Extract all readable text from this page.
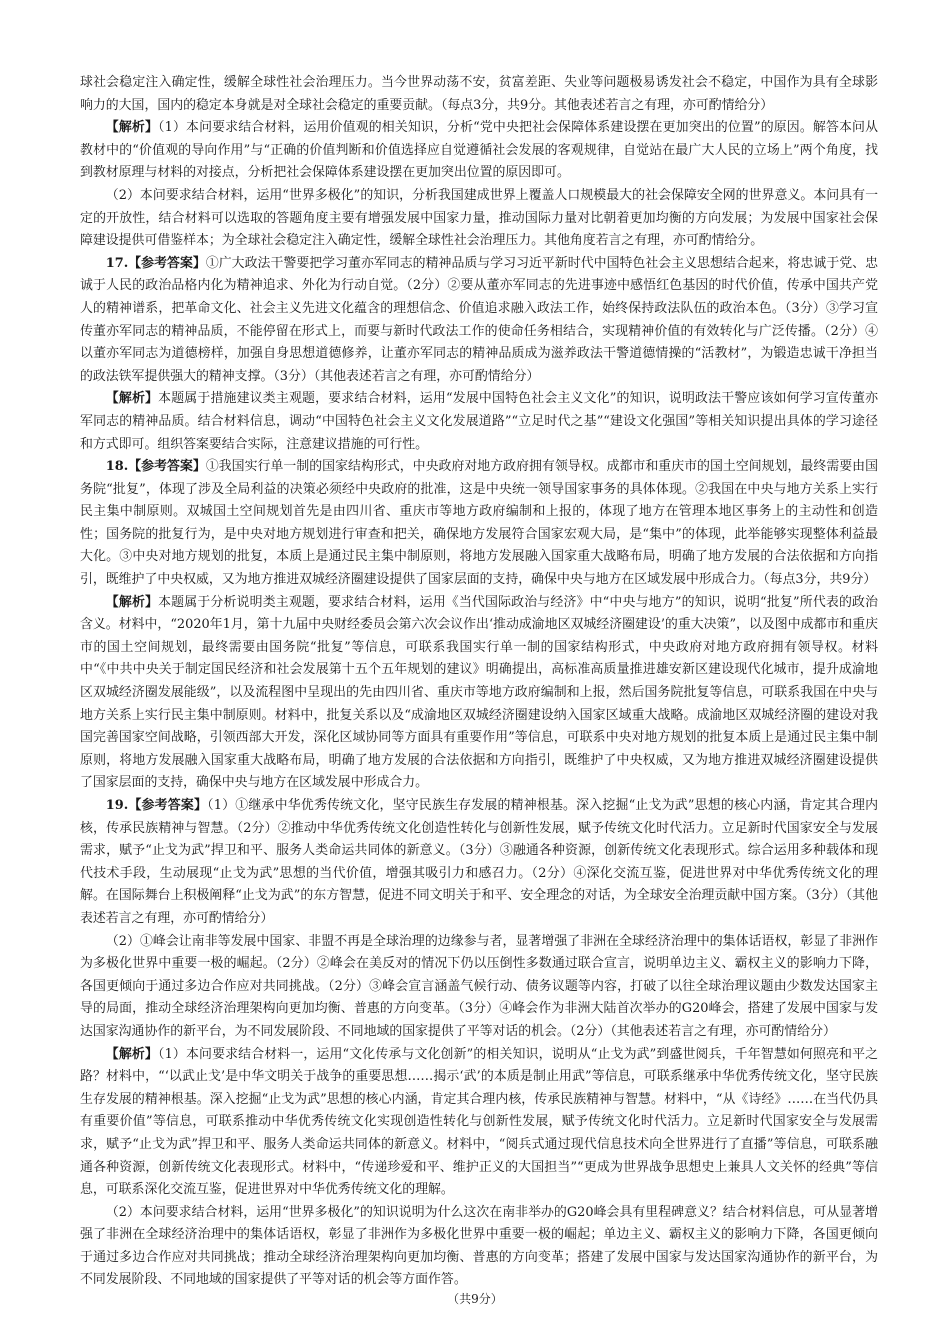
球社会稳定注入确定性，缓解全球性社会治理压力。当今世界动荡不安，贫富差距、失业等问题极易诱发社会不稳定，中国作为具有全球影响力的大国，国内的稳定本身就是对全球社会稳定的重要贡献。（每点3分，共9分。其他表述若言之有理，亦可酌情给分）

【解析】（1）本问要求结合材料，运用价值观的相关知识，分析“党中央把社会保障体系建设摆在更加突出的位置”的原因。解答本问从教材中的“价值观的导向作用”与“正确的价值判断和价值选择应自觉遵循社会发展的客观规律，自觉站在最广大人民的立场上”两个角度，找到教材原理与材料的对接点，分析把社会保障体系建设摆在更加突出位置的原因即可。

（2）本问要求结合材料，运用“世界多极化”的知识，分析我国建成世界上覆盖人口规模最大的社会保障安全网的世界意义。本问具有一定的开放性，结合材料可以选取的答题角度主要有增强发展中国家力量，推动国际力量对比朝着更加均衡的方向发展；为发展中国家社会保障建设提供可借鉴样本；为全球社会稳定注入确定性，缓解全球性社会治理压力。其他角度若言之有理，亦可酌情给分。

17.【参考答案】①广大政法干警要把学习董亦军同志的精神品质与学习习近平新时代中国特色社会主义思想结合起来，将忠诚于党、忠诚于人民的政治品格内化为精神追求、外化为行动自觉。（2分）②要从董亦军同志的先进事迹中感悟红色基因的时代价值，传承中国共产党人的精神谱系，把革命文化、社会主义先进文化蕴含的理想信念、价值追求融入政法工作，始终保持政法队伍的政治本色。（3分）③学习宣传董亦军同志的精神品质，不能停留在形式上，而要与新时代政法工作的使命任务相结合，实现精神价值的有效转化与广泛传播。（2分）④以董亦军同志为道德榜样，加强自身思想道德修养，让董亦军同志的精神品质成为滋养政法干警道德情操的“活教材”，为锻造忠诚干净担当的政法铁军提供强大的精神支撑。（3分）（其他表述若言之有理，亦可酌情给分）

【解析】本题属于措施建议类主观题，要求结合材料，运用“发展中国特色社会主义文化”的知识，说明政法干警应该如何学习宣传董亦军同志的精神品质。结合材料信息，调动“中国特色社会主义文化发展道路”“立足时代之基”“建设文化强国”等相关知识提出具体的学习途径和方式即可。组织答案要结合实际，注意建议措施的可行性。

18.【参考答案】①我国实行单一制的国家结构形式，中央政府对地方政府拥有领导权。成都市和重庆市的国土空间规划，最终需要由国务院“批复”，体现了涉及全局利益的决策必须经中央政府的批准，这是中央统一领导国家事务的具体体现。②我国在中央与地方关系上实行民主集中制原则。双城国土空间规划首先是由四川省、重庆市等地方政府编制和上报的，体现了地方在管理本地区事务上的主动性和创造性；国务院的批复行为，是中央对地方规划进行审查和把关，确保地方发展符合国家宏观大局，是“集中”的体现，此举能够实现整体利益最大化。③中央对地方规划的批复，本质上是通过民主集中制原则，将地方发展融入国家重大战略布局，明确了地方发展的合法依据和方向指引，既维护了中央权威，又为地方推进双城经济圈建设提供了国家层面的支持，确保中央与地方在区域发展中形成合力。（每点3分，共9分）

【解析】本题属于分析说明类主观题，要求结合材料，运用《当代国际政治与经济》中“中央与地方”的知识，说明“批复”所代表的政治含义。材料中，“2020年1月，第十九届中央财经委员会第六次会议作出‘推动成渝地区双城经济圈建设’的重大决策”，以及图中成都市和重庆市的国土空间规划，最终需要由国务院“批复”等信息，可联系我国实行单一制的国家结构形式，中央政府对地方政府拥有领导权。材料中“《中共中央关于制定国民经济和社会发展第十五个五年规划的建议》明确提出，高标准高质量推进雄安新区建设现代化城市，提升成渝地区双城经济圈发展能级”，以及流程图中呈现出的先由四川省、重庆市等地方政府编制和上报，然后国务院批复等信息，可联系我国在中央与地方关系上实行民主集中制原则。材料中，批复关系以及“成渝地区双城经济圈建设纳入国家区域重大战略。成渝地区双城经济圈的建设对我国完善国家空间战略，引领西部大开发，深化区域协同等方面具有重要作用”等信息，可联系中央对地方规划的批复本质上是通过民主集中制原则，将地方发展融入国家重大战略布局，明确了地方发展的合法依据和方向指引，既维护了中央权威，又为地方推进双城经济圈建设提供了国家层面的支持，确保中央与地方在区域发展中形成合力。

19.【参考答案】（1）①继承中华优秀传统文化，坚守民族生存发展的精神根基。深入挖掘“止戈为武”思想的核心内涵，肯定其合理内核，传承民族精神与智慧。（2分）②推动中华优秀传统文化创造性转化与创新性发展，赋予传统文化时代活力。立足新时代国家安全与发展需求，赋予“止戈为武”捍卫和平、服务人类命运共同体的新意义。（3分）③融通各种资源，创新传统文化表现形式。综合运用多种载体和现代技术手段，生动展现“止戈为武”思想的当代价值，增强其吸引力和感召力。（2分）④深化交流互鉴，促进世界对中华优秀传统文化的理解。在国际舞台上积极阐释“止戈为武”的东方智慧，促进不同文明关于和平、安全理念的对话，为全球安全治理贡献中国方案。（3分）（其他表述若言之有理，亦可酌情给分）

（2）①峰会让南非等发展中国家、非盟不再是全球治理的边缘参与者，显著增强了非洲在全球经济治理中的集体话语权，彰显了非洲作为多极化世界中重要一极的崛起。（2分）②峰会在美反对的情况下仍以压倒性多数通过联合宣言，说明单边主义、霸权主义的影响力下降，各国更倾向于通过多边合作应对共同挑战。（2分）③峰会宣言涵盖气候行动、债务议题等内容，打破了以往全球治理议题由少数发达国家主导的局面，推动全球经济治理架构向更加均衡、普惠的方向变革。（3分）④峰会作为非洲大陆首次举办的G20峰会，搭建了发展中国家与发达国家沟通协作的新平台，为不同发展阶段、不同地域的国家提供了平等对话的机会。（2分）（其他表述若言之有理，亦可酌情给分）

【解析】（1）本问要求结合材料一，运用“文化传承与文化创新”的相关知识，说明从“止戈为武”到盛世阅兵，千年智慧如何照亮和平之路？材料中，“‘以武止戈’是中华文明关于战争的重要思想……揭示‘武’的本质是制止用武”等信息，可联系继承中华优秀传统文化，坚守民族生存发展的精神根基。深入挖掘“止戈为武”思想的核心内涵，肯定其合理内核，传承民族精神与智慧。材料中，“从《诗经》……在当代仍具有重要价值”等信息，可联系推动中华优秀传统文化实现创造性转化与创新性发展，赋予传统文化时代活力。立足新时代国家安全与发展需求，赋予“止戈为武”捍卫和平、服务人类命运共同体的新意义。材料中，“阅兵式通过现代信息技术向全世界进行了直播”等信息，可联系融通各种资源，创新传统文化表现形式。材料中，“传递珍爱和平、维护正义的大国担当”“更成为世界战争思想史上兼具人文关怀的经典”等信息，可联系深化交流互鉴，促进世界对中华优秀传统文化的理解。

（2）本问要求结合材料，运用“世界多极化”的知识说明为什么这次在南非举办的G20峰会具有里程碑意义？结合材料信息，可从显著增强了非洲在全球经济治理中的集体话语权，彰显了非洲作为多极化世界中重要一极的崛起；单边主义、霸权主义的影响力下降，各国更倾向于通过多边合作应对共同挑战；推动全球经济治理架构向更加均衡、普惠的方向变革；搭建了发展中国家与发达国家沟通协作的新平台，为不同发展阶段、不同地域的国家提供了平等对话的机会等方面作答。

（共9分）
